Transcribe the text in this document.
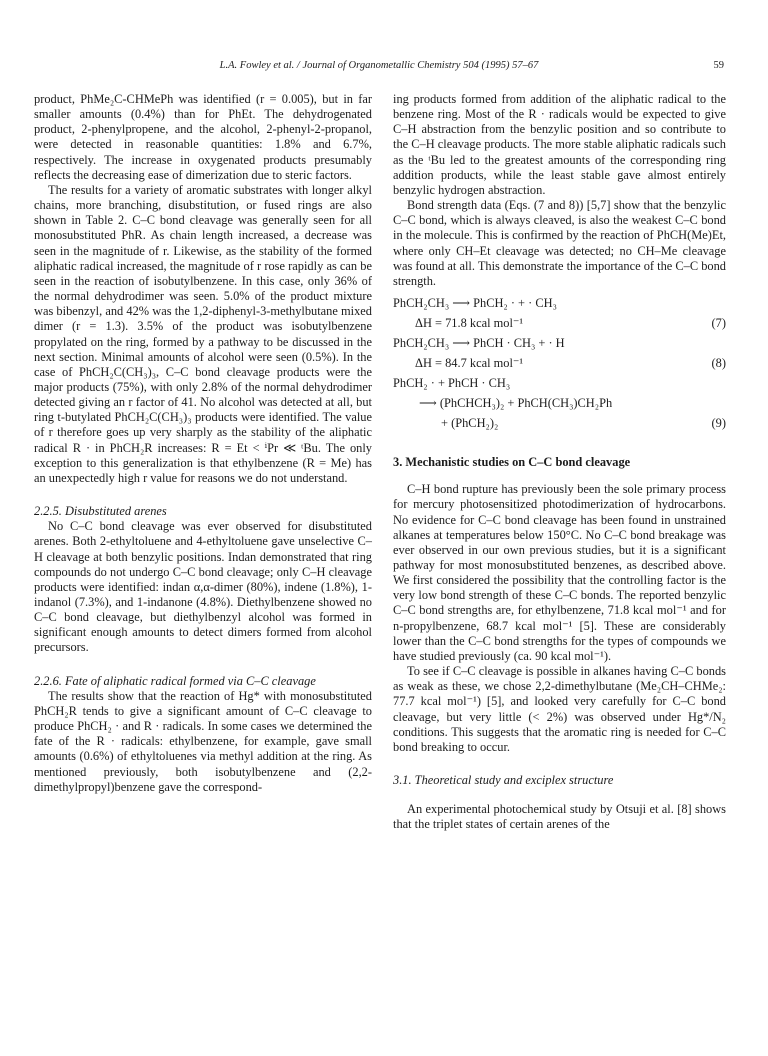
L.A. Fowley et al. / Journal of Organometallic Chemistry 504 (1995) 57–67	59

product, PhMe₂C-CHMePh was identified (r = 0.005), but in far smaller amounts (0.4%) than for PhEt. The dehydrogenated product, 2-phenylpropene, and the alcohol, 2-phenyl-2-propanol, were detected in reasonable quantities: 1.8% and 6.7%, respectively. The increase in oxygenated products presumably reflects the decreasing ease of dimerization due to steric factors.

The results for a variety of aromatic substrates with longer alkyl chains, more branching, disubstitution, or fused rings are also shown in Table 2. C–C bond cleavage was generally seen for all monosubstituted PhR. As chain length increased, a decrease was seen in the magnitude of r. Likewise, as the stability of the formed aliphatic radical increased, the magnitude of r rose rapidly as can be seen in the reaction of isobutylbenzene. In this case, only 36% of the normal dehydrodimer was seen. 5.0% of the product mixture was bibenzyl, and 42% was the 1,2-diphenyl-3-methylbutane mixed dimer (r = 1.3). 3.5% of the product was isobutylbenzene propylated on the ring, formed by a pathway to be discussed in the next section. Minimal amounts of alcohol were seen (0.5%). In the case of PhCH₂C(CH₃)₃, C–C bond cleavage products were the major products (75%), with only 2.8% of the normal dehydrodimer detected giving an r factor of 41. No alcohol was detected at all, but ring t-butylated PhCH₂C(CH₃)₃ products were identified. The value of r therefore goes up very sharply as the stability of the aliphatic radical R · in PhCH₂R increases: R = Et < ⁱPr ≪ ᵗBu. The only exception to this generalization is that ethylbenzene (R = Me) has an unexpectedly high r value for reasons we do not understand.

2.2.5. Disubstituted arenes

No C–C bond cleavage was ever observed for disubstituted arenes. Both 2-ethyltoluene and 4-ethyltoluene gave unselective C–H cleavage at both benzylic positions. Indan demonstrated that ring compounds do not undergo C–C bond cleavage; only C–H cleavage products were identified: indan α,α-dimer (80%), indene (1.8%), 1-indanol (7.3%), and 1-indanone (4.8%). Diethylbenzene showed no C–C bond cleavage, but diethylbenzyl alcohol was formed in significant enough amounts to detect dimers formed from alcohol precursors.

2.2.6. Fate of aliphatic radical formed via C–C cleavage

The results show that the reaction of Hg* with monosubstituted PhCH₂R tends to give a significant amount of C–C cleavage to produce PhCH₂ · and R · radicals. In some cases we determined the fate of the R · radicals: ethylbenzene, for example, gave small amounts (0.6%) of ethyltoluenes via methyl addition at the ring. As mentioned previously, both isobutylbenzene and (2,2-dimethylpropyl)benzene gave the correspond-

ing products formed from addition of the aliphatic radical to the benzene ring. Most of the R · radicals would be expected to give C–H abstraction from the benzylic position and so contribute to the C–H cleavage products. The more stable aliphatic radicals such as the ᵗBu led to the greatest amounts of the corresponding ring addition products, while the least stable gave almost entirely benzylic hydrogen abstraction.

Bond strength data (Eqs. (7 and 8)) [5,7] show that the benzylic C–C bond, which is always cleaved, is also the weakest C–C bond in the molecule. This is confirmed by the reaction of PhCH(Me)Et, where only CH–Et cleavage was detected; no CH–Me cleavage was found at all. This demonstrate the importance of the C–C bond strength.

PhCH₂CH₃ ⟶ PhCH₂ · + · CH₃
ΔH = 71.8 kcal mol⁻¹	(7)
PhCH₂CH₃ ⟶ PhCH · CH₃ + · H
ΔH = 84.7 kcal mol⁻¹	(8)
PhCH₂ · + PhCH · CH₃
⟶ (PhCHCH₃)₂ + PhCH(CH₃)CH₂Ph
+ (PhCH₂)₂	(9)

3. Mechanistic studies on C–C bond cleavage

C–H bond rupture has previously been the sole primary process for mercury photosensitized photodimerization of hydrocarbons. No evidence for C–C bond cleavage has been found in unstrained alkanes at temperatures below 150°C. No C–C bond breakage was ever observed in our own previous studies, but it is a significant pathway for most monosubstituted benzenes, as described above. We first considered the possibility that the controlling factor is the very low bond strength of these C–C bonds. The reported benzylic C–C bond strengths are, for ethylbenzene, 71.8 kcal mol⁻¹ and for n-propylbenzene, 68.7 kcal mol⁻¹ [5]. These are considerably lower than the C–C bond strengths for the types of compounds we have studied previously (ca. 90 kcal mol⁻¹).

To see if C–C cleavage is possible in alkanes having C–C bonds as weak as these, we chose 2,2-dimethylbutane (Me₂CH–CHMe₂: 77.7 kcal mol⁻¹) [5], and looked very carefully for C–C bond cleavage, but very little (< 2%) was observed under Hg*/N₂ conditions. This suggests that the aromatic ring is needed for C–C bond breaking to occur.

3.1. Theoretical study and exciplex structure

An experimental photochemical study by Otsuji et al. [8] shows that the triplet states of certain arenes of the
